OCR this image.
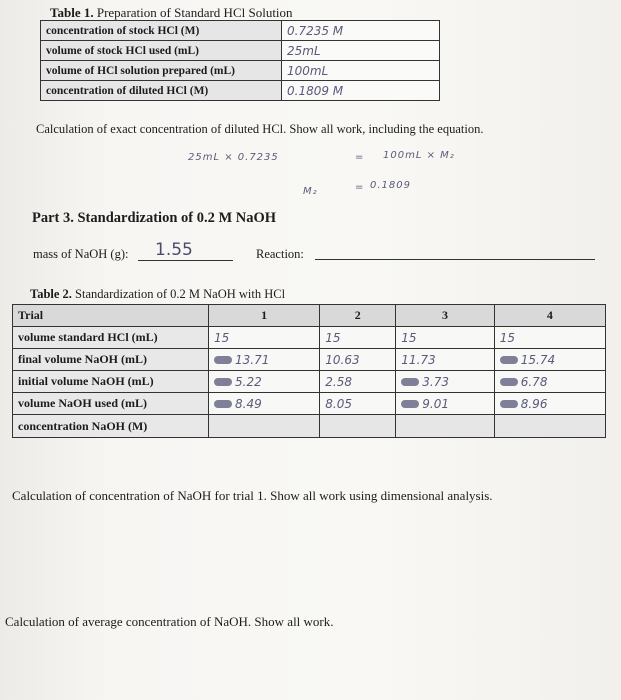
Table 1. Preparation of Standard HCl Solution
concentration of stock HCl (M)	0.7235 M
volume of stock HCl used (mL)	25mL
volume of HCl solution prepared (mL)	100mL
concentration of diluted HCl (M)	0.1809 M
Calculation of exact concentration of diluted HCl. Show all work, including the equation.
25mL × 0.7235	= 100mL × M₂
M₂	= 0.1809
Part 3. Standardization of 0.2 M NaOH
mass of NaOH (g): 1.55	Reaction:
Table 2. Standardization of 0.2 M NaOH with HCl
Trial	1	2	3	4
volume standard HCl (mL)	15	15	15	15
final volume NaOH (mL)	13.71	10.63	11.73	15.74
initial volume NaOH (mL)	5.22	2.58	3.73	6.78
volume NaOH used (mL)	8.49	8.05	9.01	8.96
concentration NaOH (M)				
Calculation of concentration of NaOH for trial 1. Show all work using dimensional analysis.
Calculation of average concentration of NaOH. Show all work.
